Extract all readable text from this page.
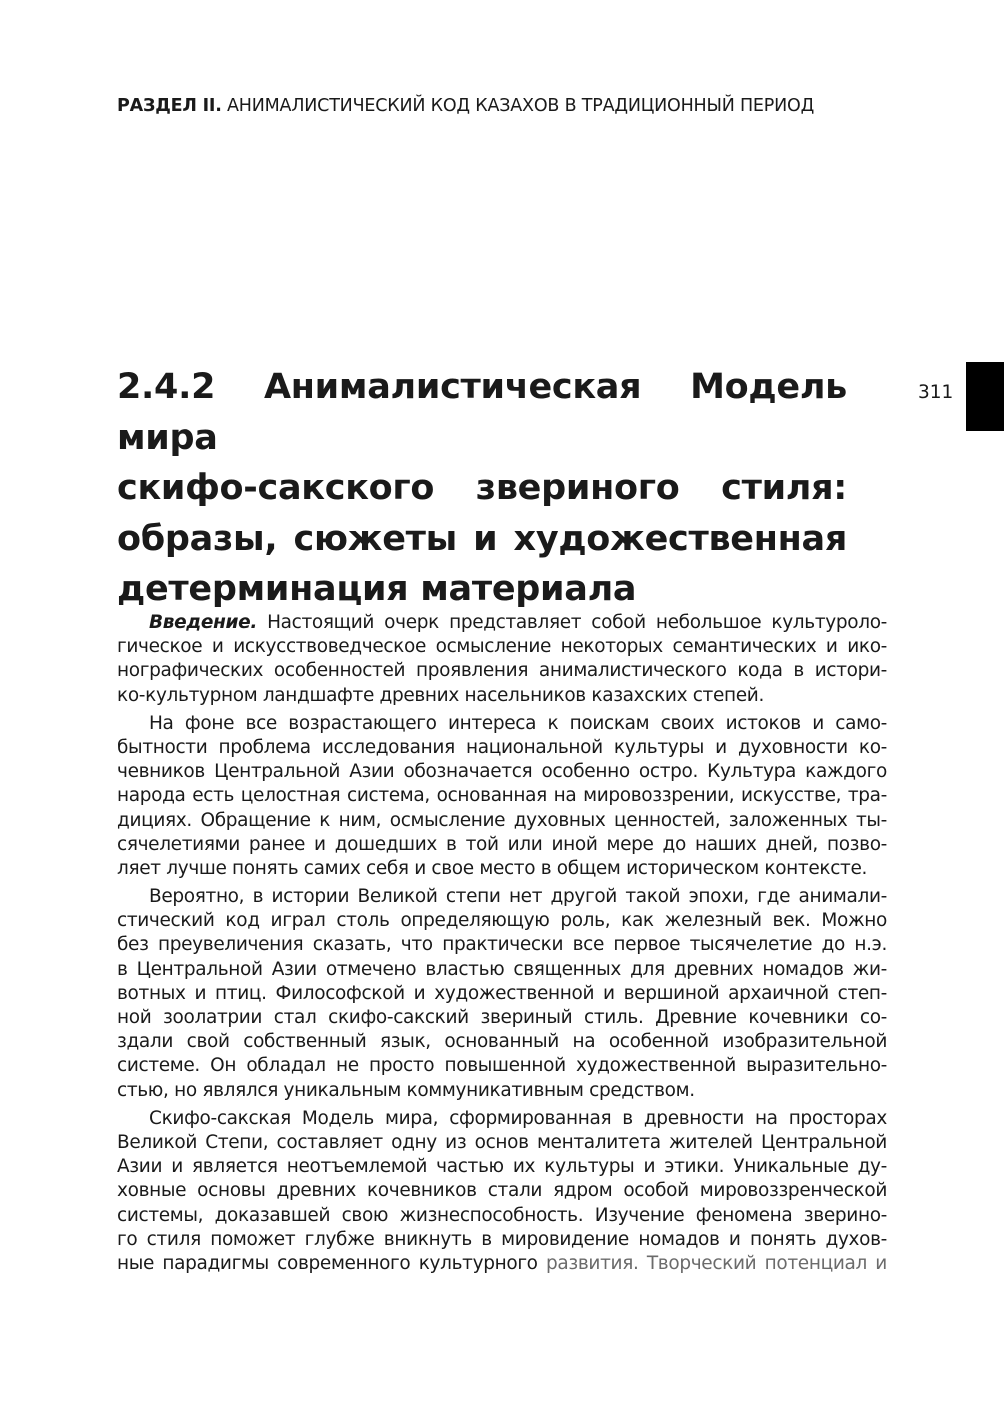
РАЗДЕЛ II. АНИМАЛИСТИЧЕСКИЙ КОД КАЗАХОВ В ТРАДИЦИОННЫЙ ПЕРИОД
311
2.4.2 Анималистическая Модель мира
скифо-сакского звериного стиля:
образы, сюжеты и художественная
детерминация материала
Введение. Настоящий очерк представляет собой небольшое культуроло-
гическое и искусствоведческое осмысление некоторых семантических и ико-
нографических особенностей проявления анималистического кода в истори-
ко-культурном ландшафте древних насельников казахских степей.
На фоне все возрастающего интереса к поискам своих истоков и само-
бытности проблема исследования национальной культуры и духовности ко-
чевников Центральной Азии обозначается особенно остро. Культура каждого
народа есть целостная система, основанная на мировоззрении, искусстве, тра-
дициях. Обращение к ним, осмысление духовных ценностей, заложенных ты-
сячелетиями ранее и дошедших в той или иной мере до наших дней, позво-
ляет лучше понять самих себя и свое место в общем историческом контексте.
Вероятно, в истории Великой степи нет другой такой эпохи, где анимали-
стический код играл столь определяющую роль, как железный век. Можно
без преувеличения сказать, что практически все первое тысячелетие до н.э.
в Центральной Азии отмечено властью священных для древних номадов жи-
вотных и птиц. Философской и художественной и вершиной архаичной степ-
ной зоолатрии стал скифо-сакский звериный стиль. Древние кочевники со-
здали свой собственный язык, основанный на особенной изобразительной
системе. Он обладал не просто повышенной художественной выразительно-
стью, но являлся уникальным коммуникативным средством.
Скифо-сакская Модель мира, сформированная в древности на просторах
Великой Степи, составляет одну из основ менталитета жителей Центральной
Азии и является неотъемлемой частью их культуры и этики. Уникальные ду-
ховные основы древних кочевников стали ядром особой мировоззренческой
системы, доказавшей свою жизнеспособность. Изучение феномена зверино-
го стиля поможет глубже вникнуть в мировидение номадов и понять духов-
ные парадигмы современного культурного развития. Творческий потенциал и
